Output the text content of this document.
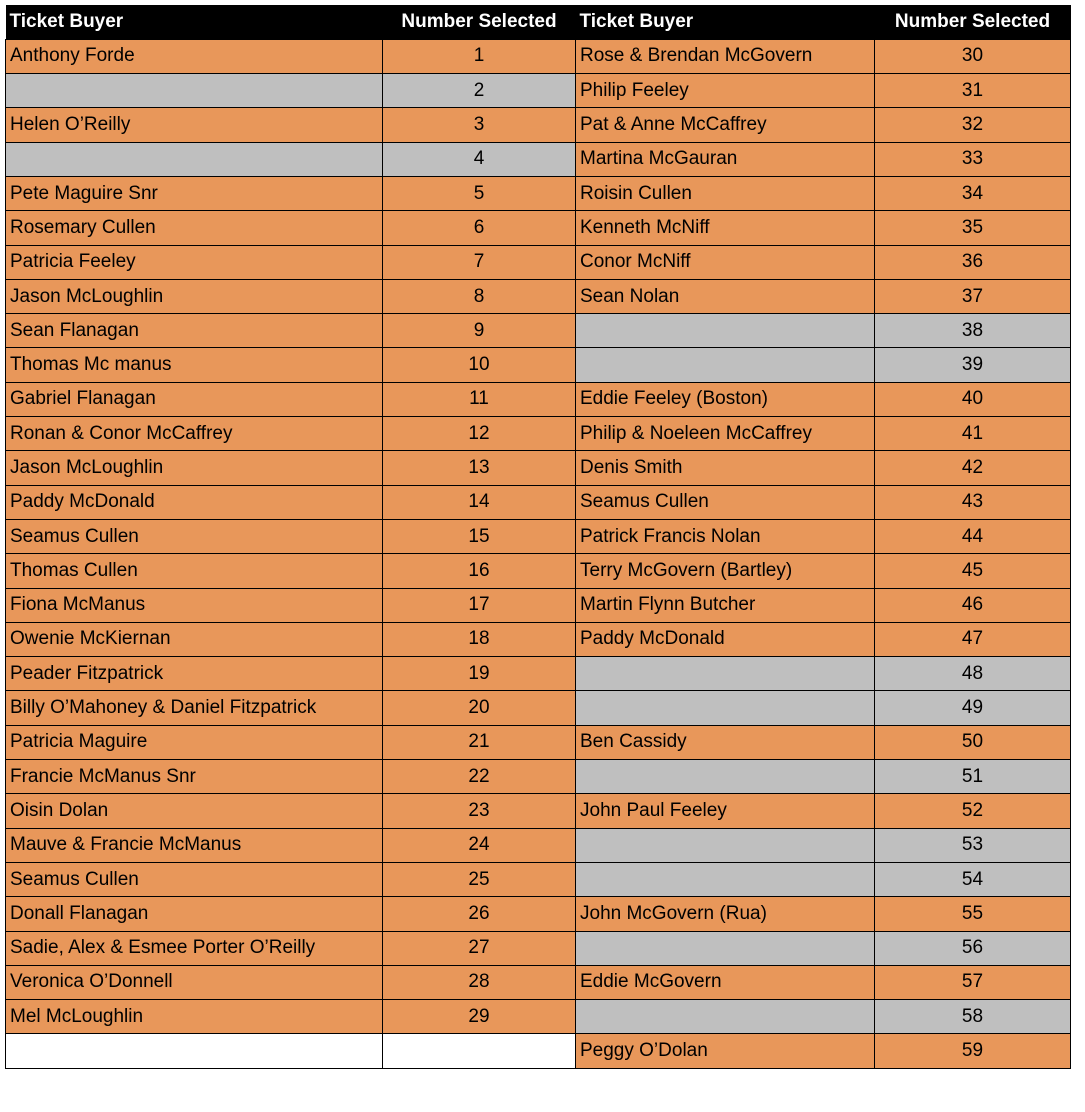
Ticket Buyer	Number Selected	Ticket Buyer	Number Selected
Anthony Forde	1	Rose & Brendan McGovern	30
	2	Philip Feeley	31
Helen O’Reilly	3	Pat & Anne McCaffrey	32
	4	Martina McGauran	33
Pete Maguire Snr	5	Roisin Cullen	34
Rosemary Cullen	6	Kenneth McNiff	35
Patricia Feeley	7	Conor McNiff	36
Jason McLoughlin	8	Sean Nolan	37
Sean Flanagan	9		38
Thomas Mc manus	10		39
Gabriel Flanagan	11	Eddie Feeley (Boston)	40
Ronan & Conor McCaffrey	12	Philip & Noeleen McCaffrey	41
Jason McLoughlin	13	Denis Smith	42
Paddy McDonald	14	Seamus Cullen	43
Seamus Cullen	15	Patrick Francis Nolan	44
Thomas Cullen	16	Terry McGovern (Bartley)	45
Fiona McManus	17	Martin Flynn Butcher	46
Owenie McKiernan	18	Paddy McDonald	47
Peader Fitzpatrick	19		48
Billy O’Mahoney & Daniel Fitzpatrick	20		49
Patricia Maguire	21	Ben Cassidy	50
Francie McManus Snr	22		51
Oisin Dolan	23	John Paul Feeley	52
Mauve & Francie McManus	24		53
Seamus Cullen	25		54
Donall Flanagan	26	John McGovern (Rua)	55
Sadie, Alex & Esmee Porter O’Reilly	27		56
Veronica O’Donnell	28	Eddie McGovern	57
Mel McLoughlin	29		58
		Peggy O’Dolan	59
